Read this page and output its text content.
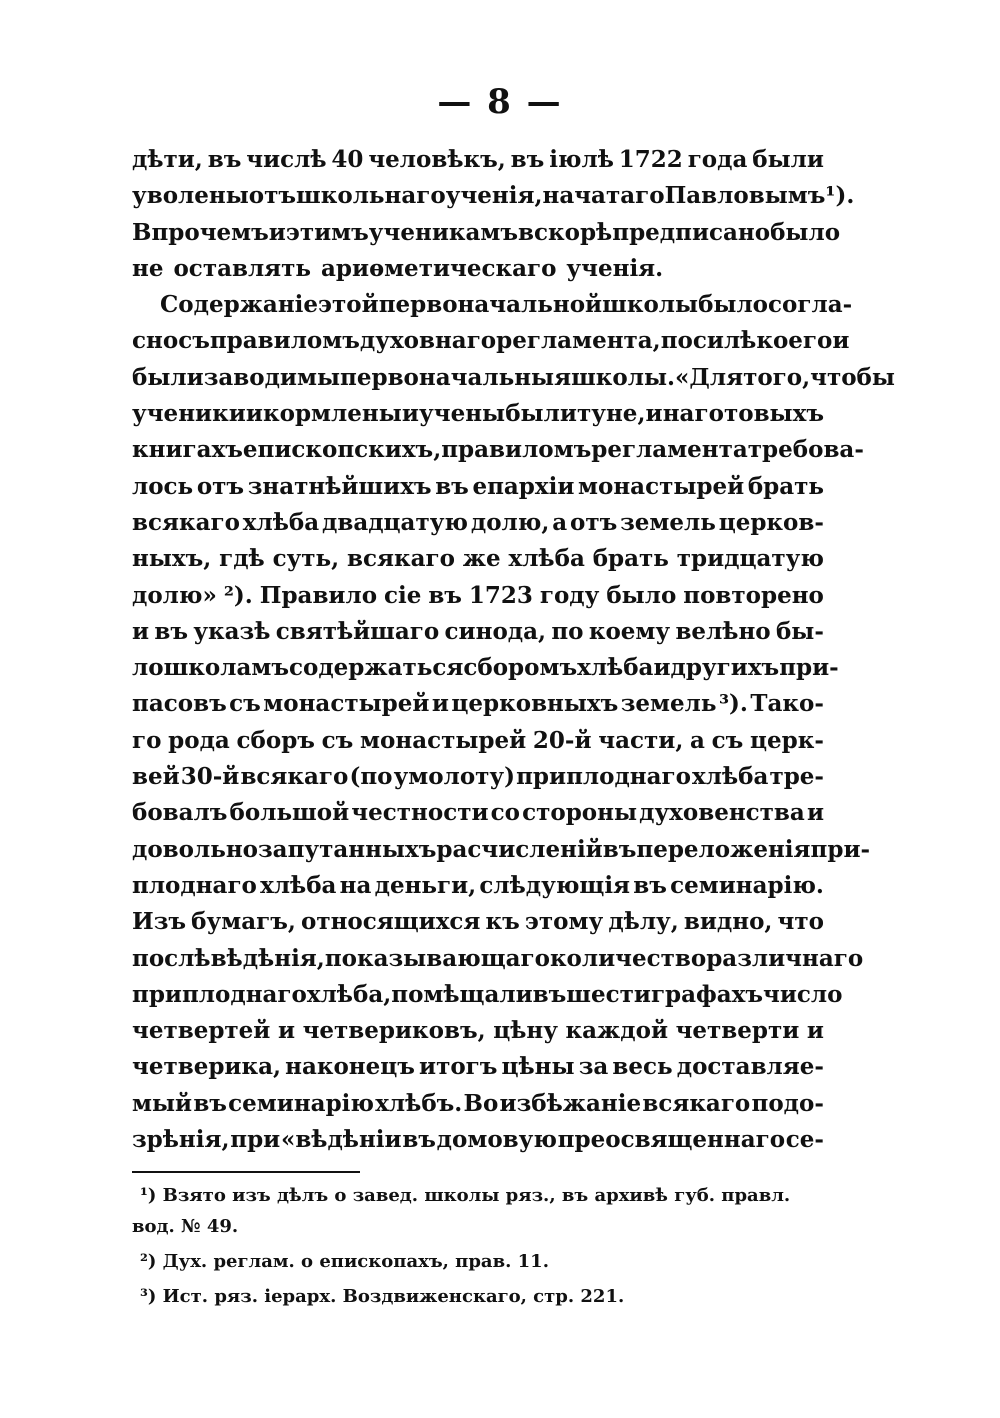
— 8 —
дѣти, въ числѣ 40 человѣкъ, въ іюлѣ 1722 года были
уволены отъ школьнаго ученія, начатаго Павловымъ ¹).
Впрочемъ и этимъ ученикамъ вскорѣ предписано было
не оставлять ариѳметическаго ученія.
Содержаніе этой первоначальной школы было согла-
сно съ правиломъ духовнаго регламента, по силѣ коего и
были заводимы первоначальныя школы. «Для того, чтобы
ученики и кормлены и учены были туне, и на готовыхъ
книгахъ епископскихъ, правиломъ регламента требова-
лось отъ знатнѣйшихъ въ епархіи монастырей брать
всякаго хлѣба двадцатую долю, а отъ земель церков-
ныхъ, гдѣ суть, всякаго же хлѣба брать тридцатую
долю» ²). Правило сіе въ 1723 году было повторено
и въ указѣ святѣйшаго синода, по коему велѣно бы-
ло школамъ содержаться сборомъ хлѣба и другихъ при-
пасовъ съ монастырей и церковныхъ земель ³). Тако-
го рода сборъ съ монастырей 20-й части, а съ церк-
вей 30-й всякаго (по умолоту) приплоднаго хлѣба тре-
бовалъ большой честности со стороны духовенства и
довольно запутанныхъ расчисленій въ переложенія при-
плоднаго хлѣба на деньги, слѣдующія въ семинарію.
Изъ бумагъ, относящихся къ этому дѣлу, видно, что
послѣ вѣдѣнія, показывающаго количество различнаго
приплоднаго хлѣба, помѣщали въ шести графахъ число
четвертей и четвериковъ, цѣну каждой четверти и
четверика, наконецъ итогъ цѣны за весь доставляе-
мый въ семинарію хлѣбъ. Во избѣжаніе всякаго подо-
зрѣнія, при «вѣдѣніи въ домовую преосвященнаго се-
¹) Взято изъ дѣлъ о завед. школы ряз., въ архивѣ губ. правл.
вод. № 49.
²) Дух. реглам. о епископахъ, прав. 11.
³) Ист. ряз. іерарх. Воздвиженскаго, стр. 221.
